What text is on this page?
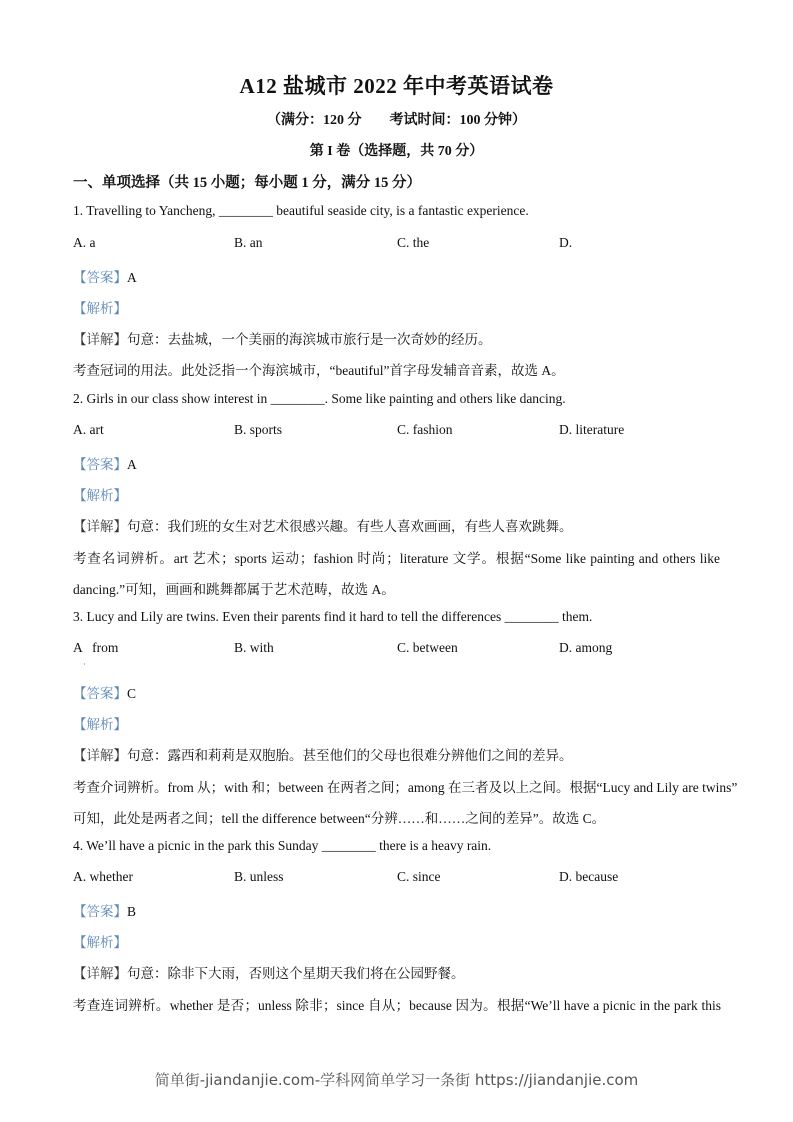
A12 盐城市 2022 年中考英语试卷
（满分：120 分 考试时间：100 分钟）
第 I 卷（选择题，共 70 分）
一、单项选择（共 15 小题；每小题 1 分，满分 15 分）
1. Travelling to Yancheng, ________ beautiful seaside city, is a fantastic experience.
A. a	B. an	C. the	D.
【答案】A
【解析】
【详解】句意：去盐城，一个美丽的海滨城市旅行是一次奇妙的经历。
考查冠词的用法。此处泛指一个海滨城市，“beautiful”首字母发辅音音素，故选 A。
2. Girls in our class show interest in ________. Some like painting and others like dancing.
A. art	B. sports	C. fashion	D. literature
【答案】A
【解析】
【详解】句意：我们班的女生对艺术很感兴趣。有些人喜欢画画，有些人喜欢跳舞。
考查名词辨析。art 艺术；sports 运动；fashion 时尚；literature 文学。根据“Some like painting and others like
dancing.”可知，画画和跳舞都属于艺术范畴，故选 A。
3. Lucy and Lily are twins. Even their parents find it hard to tell the differences ________ them.
A   from	B. with	C. between	D. among
·
【答案】C
【解析】
【详解】句意：露西和莉莉是双胞胎。甚至他们的父母也很难分辨他们之间的差异。
考查介词辨析。from 从；with 和；between 在两者之间；among 在三者及以上之间。根据“Lucy and Lily are twins”
可知，此处是两者之间；tell the difference between“分辨……和……之间的差异”。故选 C。
4. We’ll have a picnic in the park this Sunday ________ there is a heavy rain.
A. whether	B. unless	C. since	D. because
【答案】B
【解析】
【详解】句意：除非下大雨，否则这个星期天我们将在公园野餐。
考查连词辨析。whether 是否；unless 除非；since 自从；because 因为。根据“We’ll have a picnic in the park this
简单街-jiandanjie.com-学科网简单学习一条街 https://jiandanjie.com
